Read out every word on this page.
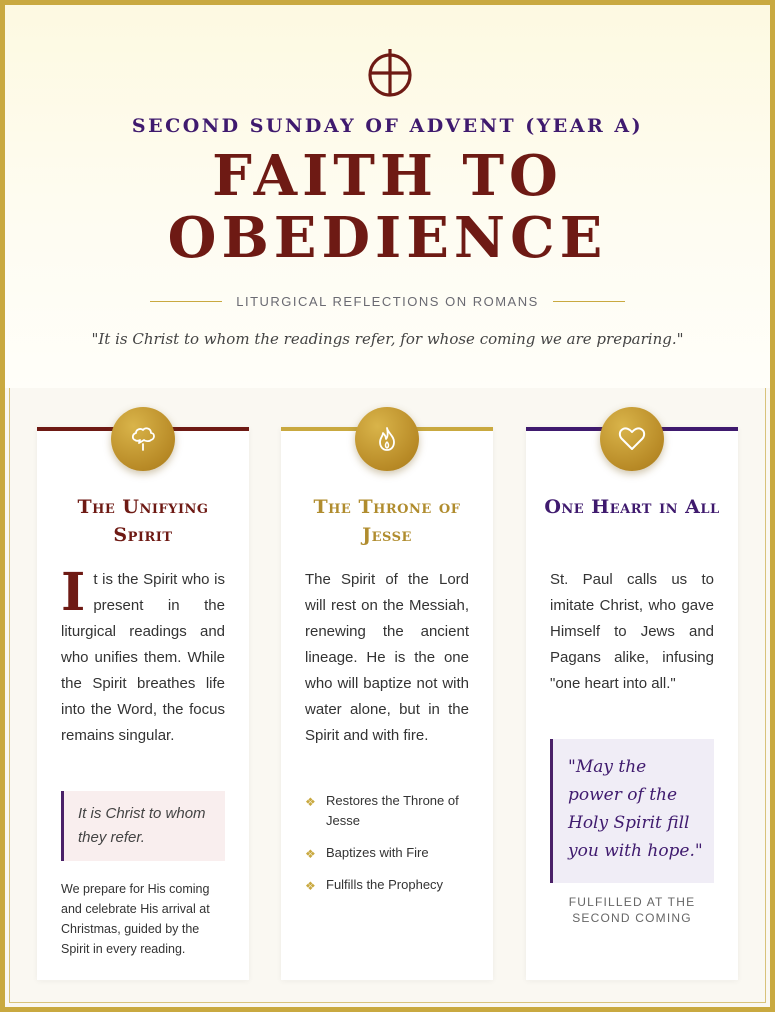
SECOND SUNDAY OF ADVENT (YEAR A)
FAITH TO
OBEDIENCE
LITURGICAL REFLECTIONS ON ROMANS
"It is Christ to whom the readings refer, for whose coming we are preparing."
The Unifying Spirit
It is the Spirit who is present in the liturgical readings and who unifies them. While the Spirit breathes life into the Word, the focus remains singular.
It is Christ to whom they refer.
We prepare for His coming and celebrate His arrival at Christmas, guided by the Spirit in every reading.
The Throne of Jesse
The Spirit of the Lord will rest on the Messiah, renewing the ancient lineage. He is the one who will baptize not with water alone, but in the Spirit and with fire.
❖ Restores the Throne of Jesse
❖ Baptizes with Fire
❖ Fulfills the Prophecy
One Heart in All
St. Paul calls us to imitate Christ, who gave Himself to Jews and Pagans alike, infusing "one heart into all."
"May the power of the Holy Spirit fill you with hope."
FULFILLED AT THE SECOND COMING
